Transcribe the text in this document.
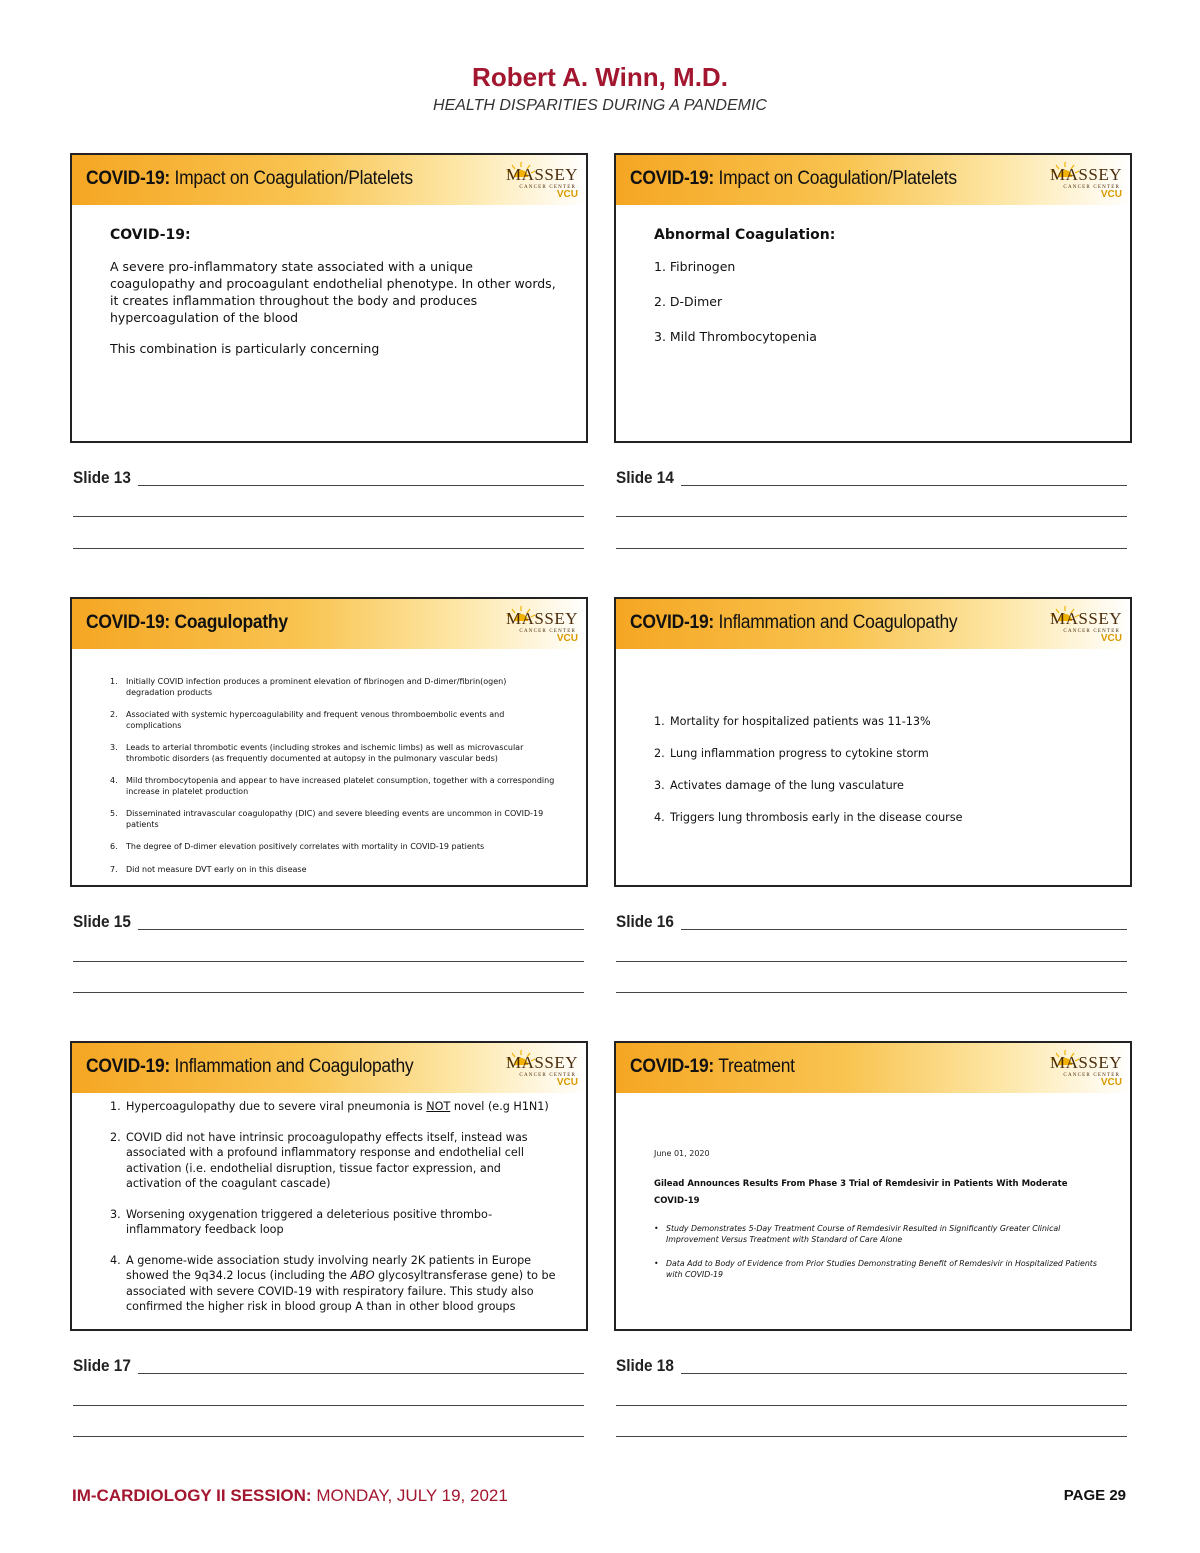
Robert A. Winn, M.D.
HEALTH DISPARITIES DURING A PANDEMIC
COVID-19: Impact on Coagulation/Platelets	MASSEY
CANCER CENTER
VCU

COVID-19:

A severe pro-inflammatory state associated with a unique coagulopathy and procoagulant endothelial phenotype. In other words, it creates inflammation throughout the body and produces hypercoagulation of the blood

This combination is particularly concerning

COVID-19: Impact on Coagulation/Platelets	MASSEY
CANCER CENTER
VCU

Abnormal Coagulation:

1. Fibrinogen

2. D-Dimer

3. Mild Thrombocytopenia

COVID-19: Coagulopathy	MASSEY
CANCER CENTER
VCU
1. Initially COVID infection produces a prominent elevation of fibrinogen and D-dimer/fibrin(ogen) degradation products
2. Associated with systemic hypercoagulability and frequent venous thromboembolic events and complications
3. Leads to arterial thrombotic events (including strokes and ischemic limbs) as well as microvascular thrombotic disorders (as frequently documented at autopsy in the pulmonary vascular beds)
4. Mild thrombocytopenia and appear to have increased platelet consumption, together with a corresponding increase in platelet production
5. Disseminated intravascular coagulopathy (DIC) and severe bleeding events are uncommon in COVID-19 patients
6. The degree of D-dimer elevation positively correlates with mortality in COVID-19 patients
7. Did not measure DVT early on in this disease
COVID-19: Inflammation and Coagulopathy	MASSEY
CANCER CENTER
VCU
1. Mortality for hospitalized patients was 11-13%
2. Lung inflammation progress to cytokine storm
3. Activates damage of the lung vasculature
4. Triggers lung thrombosis early in the disease course
COVID-19: Inflammation and Coagulopathy	MASSEY
CANCER CENTER
VCU
1. Hypercoagulopathy due to severe viral pneumonia is NOT novel (e.g H1N1)
2. COVID did not have intrinsic procoagulopathy effects itself, instead was associated with a profound inflammatory response and endothelial cell activation (i.e. endothelial disruption, tissue factor expression, and activation of the coagulant cascade)
3. Worsening oxygenation triggered a deleterious positive thrombo-inflammatory feedback loop
4. A genome-wide association study involving nearly 2K patients in Europe showed the 9q34.2 locus (including the ABO glycosyltransferase gene) to be associated with severe COVID-19 with respiratory failure. This study also confirmed the higher risk in blood group A than in other blood groups
COVID-19: Treatment	MASSEY
CANCER CENTER
VCU
June 01, 2020
Gilead Announces Results From Phase 3 Trial of Remdesivir in Patients With Moderate COVID-19
• Study Demonstrates 5-Day Treatment Course of Remdesivir Resulted in Significantly Greater Clinical Improvement Versus Treatment with Standard of Care Alone
• Data Add to Body of Evidence from Prior Studies Demonstrating Benefit of Remdesivir in Hospitalized Patients with COVID-19
Slide 13	Slide 14
Slide 15	Slide 16
Slide 17	Slide 18
IM-CARDIOLOGY II SESSION: MONDAY, JULY 19, 2021	PAGE 29
